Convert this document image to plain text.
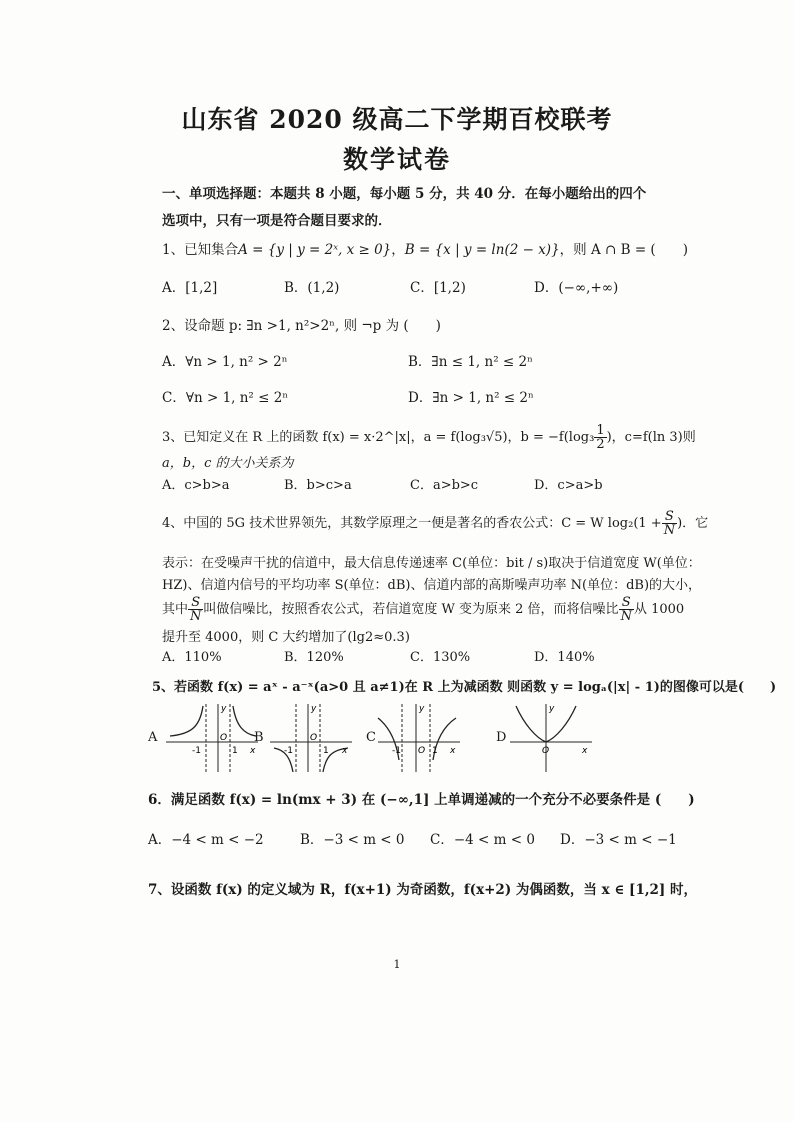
山东省 2020 级高二下学期百校联考
数学试卷
一、单项选择题：本题共 8 小题，每小题 5 分，共 40 分．在每小题给出的四个
选项中，只有一项是符合题目要求的．
1、已知集合A = {y | y = 2ˣ, x ≥ 0}，B = {x | y = ln(2 − x)}，则 A ∩ B = (　　)
A．[1,2]	B．(1,2)	C．[1,2)	D．(−∞,+∞)
2、设命题 p: ∃n >1, n²>2ⁿ, 则 ¬p 为 (　　)
A．∀n > 1, n² > 2ⁿ	B．∃n ≤ 1, n² ≤ 2ⁿ
C．∀n > 1, n² ≤ 2ⁿ	D．∃n > 1, n² ≤ 2ⁿ
3、已知定义在 R 上的函数 f(x) = x·2^|x|，a = f(log₃√5)，$b = -f(\log_3 \frac{1}{2}$ )，c=f(ln 3)则
a，b，c 的大小关系为
A．c>b>a	B．b>c>a	C．a>b>c	D．c>a>b
4、中国的 5G 技术世界领先，其数学原理之一便是著名的香农公式：C = W $\log_2(1 + \frac{S}{N}$ )．它
表示：在受噪声干扰的信道中，最大信息传递速率 C(单位：bit / s)取决于信道宽度 W(单位：
HZ)、信道内信号的平均功率 S(单位：dB)、信道内部的高斯噪声功率 N(单位：dB)的大小，
其中 $\frac{S}{N}$ 叫做信噪比，按照香农公式，若信道宽度 W 变为原来 2 倍，而将信噪比 $\frac{S}{N}$ 从 1000
提升至 4000，则 C 大约增加了(lg2≈0.3)
A．110%	B．120%	C．130%	D．140%
5、若函数 f(x) = aˣ - a⁻ˣ(a>0 且 a≠1)在 R 上为减函数 则函数 y = logₐ(|x| - 1)的图像可以是(　　)
A
-1	1
O
y
x
B
-1	1
O
y
x
C
-1	1
O
y
x
D
O
y
x
6．满足函数 f(x) = ln(mx + 3) 在 (−∞,1] 上单调递减的一个充分不必要条件是 (　　)
A．−4 < m < −2	B．−3 < m < 0 C．−4 < m < 0 D．−3 < m < −1
7、设函数 f(x) 的定义域为 R，f(x+1) 为奇函数，f(x+2) 为偶函数，当 x ∈ [1,2] 时，
1
